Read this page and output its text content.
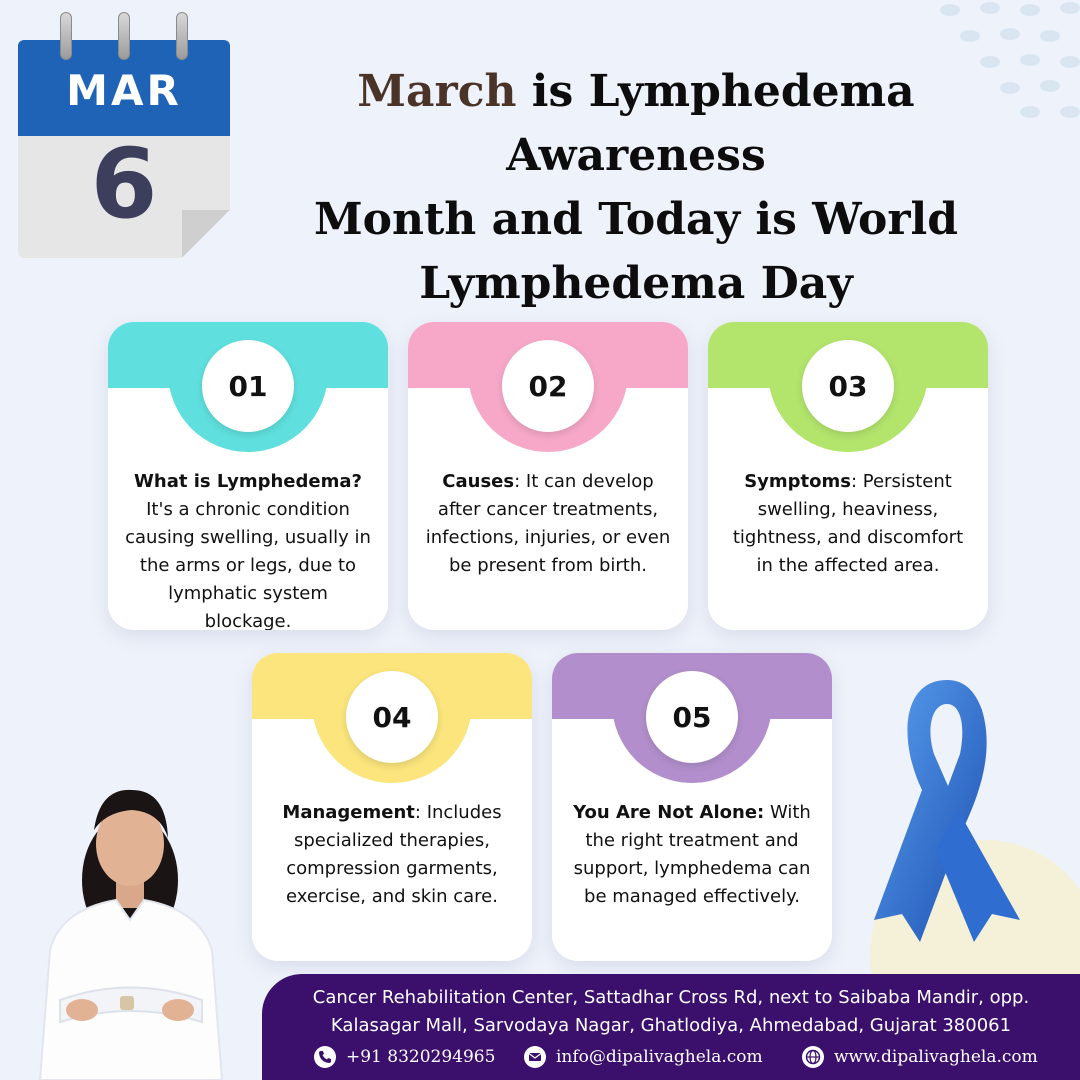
MAR
6
March is Lymphedema Awareness
Month and Today is World
Lymphedema Day
01
What is Lymphedema? It's a chronic condition causing swelling, usually in the arms or legs, due to lymphatic system blockage.
02
Causes: It can develop after cancer treatments, infections, injuries, or even be present from birth.
03
Symptoms: Persistent swelling, heaviness, tightness, and discomfort in the affected area.
04
Management: Includes specialized therapies, compression garments, exercise, and skin care.
05
You Are Not Alone: With the right treatment and support, lymphedema can be managed effectively.
Cancer Rehabilitation Center, Sattadhar Cross Rd, next to Saibaba Mandir, opp.
Kalasagar Mall, Sarvodaya Nagar, Ghatlodiya, Ahmedabad, Gujarat 380061
+91 8320294965	info@dipalivaghela.com	www.dipalivaghela.com
